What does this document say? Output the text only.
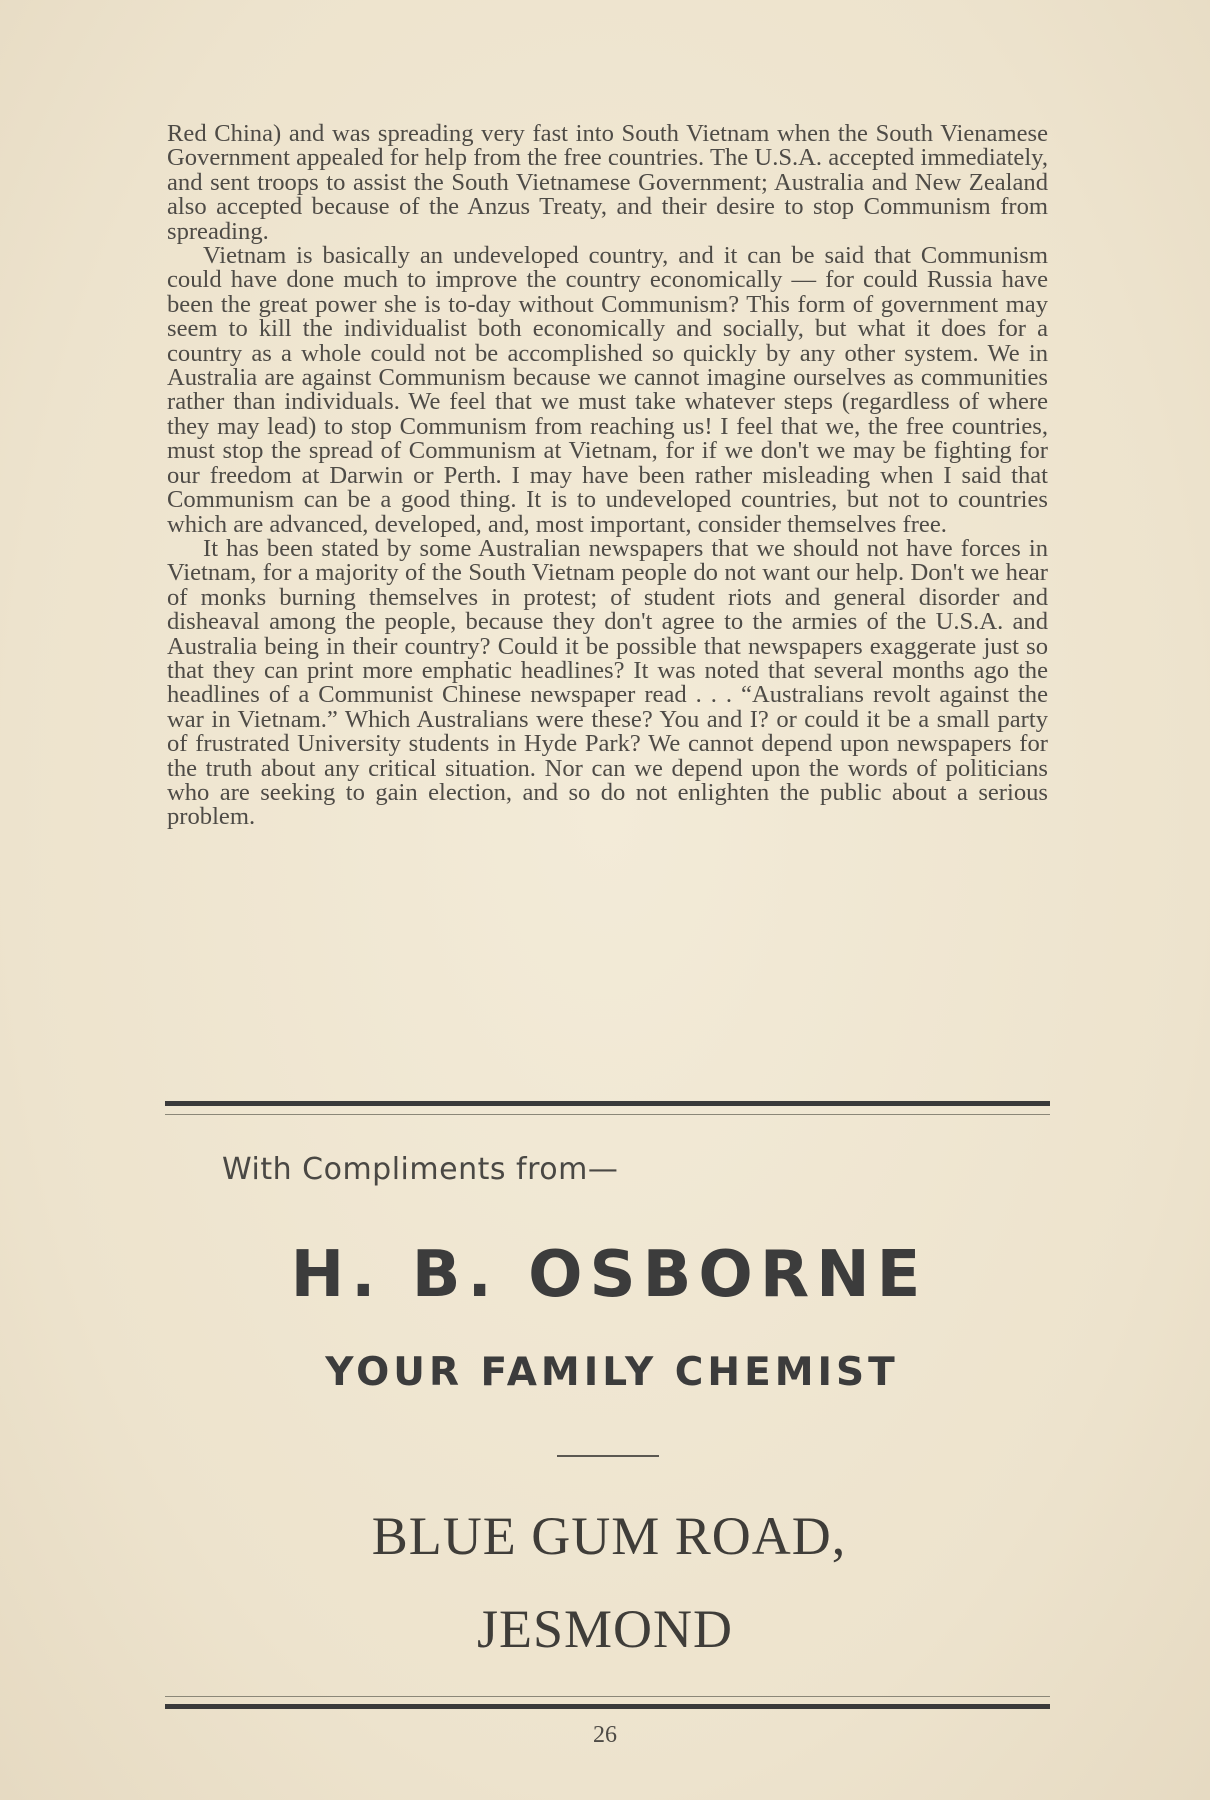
Red China) and was spreading very fast into South Vietnam when the South Vienamese Government appealed for help from the free countries. The U.S.A. accepted immediately, and sent troops to assist the South Vietnamese Government; Australia and New Zealand also accepted because of the Anzus Treaty, and their desire to stop Communism from spreading.

Vietnam is basically an undeveloped country, and it can be said that Communism could have done much to improve the country economically — for could Russia have been the great power she is to-day without Communism? This form of government may seem to kill the individualist both economically and socially, but what it does for a country as a whole could not be accomplished so quickly by any other system. We in Australia are against Communism because we cannot imagine ourselves as communities rather than individuals. We feel that we must take whatever steps (regardless of where they may lead) to stop Communism from reaching us! I feel that we, the free countries, must stop the spread of Communism at Vietnam, for if we don't we may be fighting for our freedom at Darwin or Perth. I may have been rather misleading when I said that Communism can be a good thing. It is to undeveloped countries, but not to countries which are advanced, developed, and, most important, consider themselves free.

It has been stated by some Australian newspapers that we should not have forces in Vietnam, for a majority of the South Vietnam people do not want our help. Don't we hear of monks burning themselves in protest; of student riots and general disorder and disheaval among the people, because they don't agree to the armies of the U.S.A. and Australia being in their country? Could it be possible that newspapers exaggerate just so that they can print more emphatic headlines? It was noted that several months ago the headlines of a Communist Chinese newspaper read . . . “Australians revolt against the war in Vietnam.” Which Australians were these? You and I? or could it be a small party of frustrated University students in Hyde Park? We cannot depend upon newspapers for the truth about any critical situation. Nor can we depend upon the words of politicians who are seeking to gain election, and so do not enlighten the public about a serious problem.

With Compliments from—
H. B. OSBORNE
YOUR FAMILY CHEMIST
BLUE GUM ROAD,
JESMOND
26
